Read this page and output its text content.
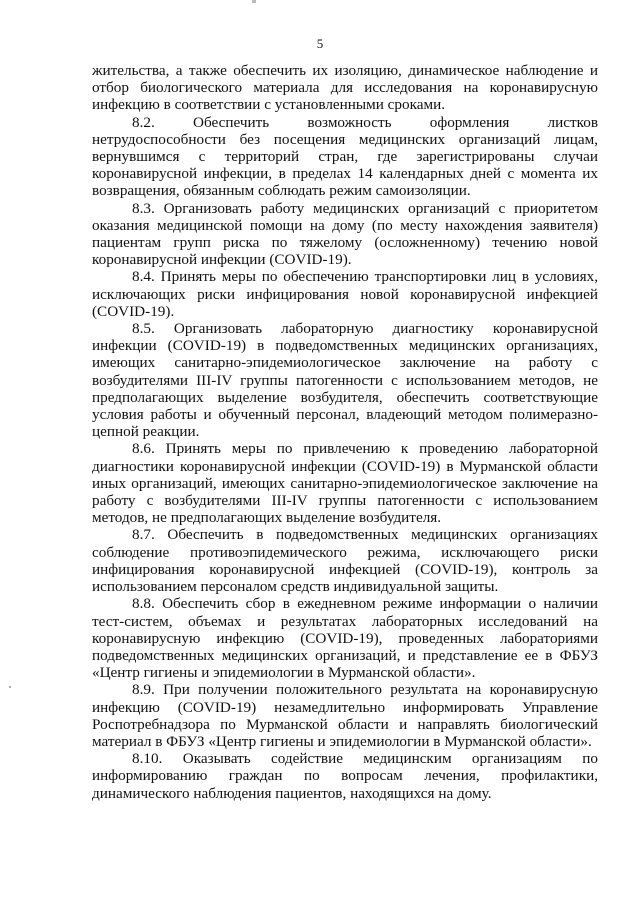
5

жительства, а также обеспечить их изоляцию, динамическое наблюдение и отбор биологического материала для исследования на коронавирусную инфекцию в соответствии с установленными сроками.

8.2. Обеспечить возможность оформления листков нетрудоспособности без посещения медицинских организаций лицам, вернувшимся с территорий стран, где зарегистрированы случаи коронавирусной инфекции, в пределах 14 календарных дней с момента их возвращения, обязанным соблюдать режим самоизоляции.

8.3. Организовать работу медицинских организаций с приоритетом оказания медицинской помощи на дому (по месту нахождения заявителя) пациентам групп риска по тяжелому (осложненному) течению новой коронавирусной инфекции (COVID-19).

8.4. Принять меры по обеспечению транспортировки лиц в условиях, исключающих риски инфицирования новой коронавирусной инфекцией (COVID-19).

8.5. Организовать лабораторную диагностику коронавирусной инфекции (COVID-19) в подведомственных медицинских организациях, имеющих санитарно-эпидемиологическое заключение на работу с возбудителями III-IV группы патогенности с использованием методов, не предполагающих выделение возбудителя, обеспечить соответствующие условия работы и обученный персонал, владеющий методом полимеразно-цепной реакции.

8.6. Принять меры по привлечению к проведению лабораторной диагностики коронавирусной инфекции (COVID-19) в Мурманской области иных организаций, имеющих санитарно-эпидемиологическое заключение на работу с возбудителями III-IV группы патогенности с использованием методов, не предполагающих выделение возбудителя.

8.7. Обеспечить в подведомственных медицинских организациях соблюдение противоэпидемического режима, исключающего риски инфицирования коронавирусной инфекцией (COVID-19), контроль за использованием персоналом средств индивидуальной защиты.

8.8. Обеспечить сбор в ежедневном режиме информации о наличии тест-систем, объемах и результатах лабораторных исследований на коронавирусную инфекцию (COVID-19), проведенных лабораториями подведомственных медицинских организаций, и представление ее в ФБУЗ «Центр гигиены и эпидемиологии в Мурманской области».

8.9. При получении положительного результата на коронавирусную инфекцию (COVID-19) незамедлительно информировать Управление Роспотребнадзора по Мурманской области и направлять биологический материал в ФБУЗ «Центр гигиены и эпидемиологии в Мурманской области».

8.10. Оказывать содействие медицинским организациям по информированию граждан по вопросам лечения, профилактики, динамического наблюдения пациентов, находящихся на дому.
